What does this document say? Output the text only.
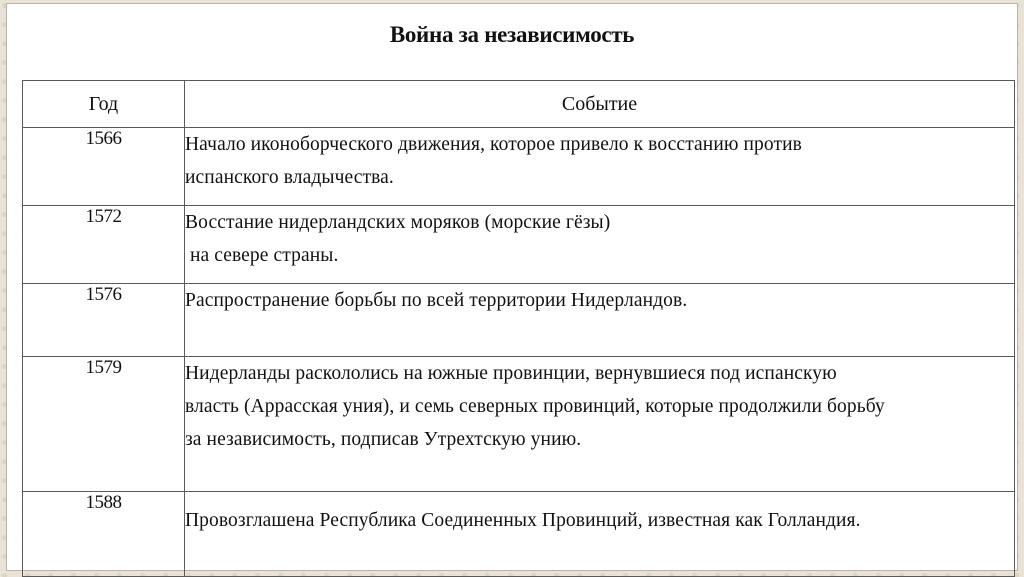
Война за независимость
Год	Событие
1566	Начало иконоборческого движения, которое привело к восстанию против
испанского владычества.

1572	Восстание нидерландских моряков (морские гёзы)
на севере страны.

1576	Распространение борьбы по всей территории Нидерландов.

1579	Нидерланды раскололись на южные провинции, вернувшиеся под испанскую
власть (Аррасская уния), и семь северных провинций, которые продолжили борьбу
за независимость, подписав Утрехтскую унию.

1588	Провозглашена Республика Соединенных Провинций, известная как Голландия.
